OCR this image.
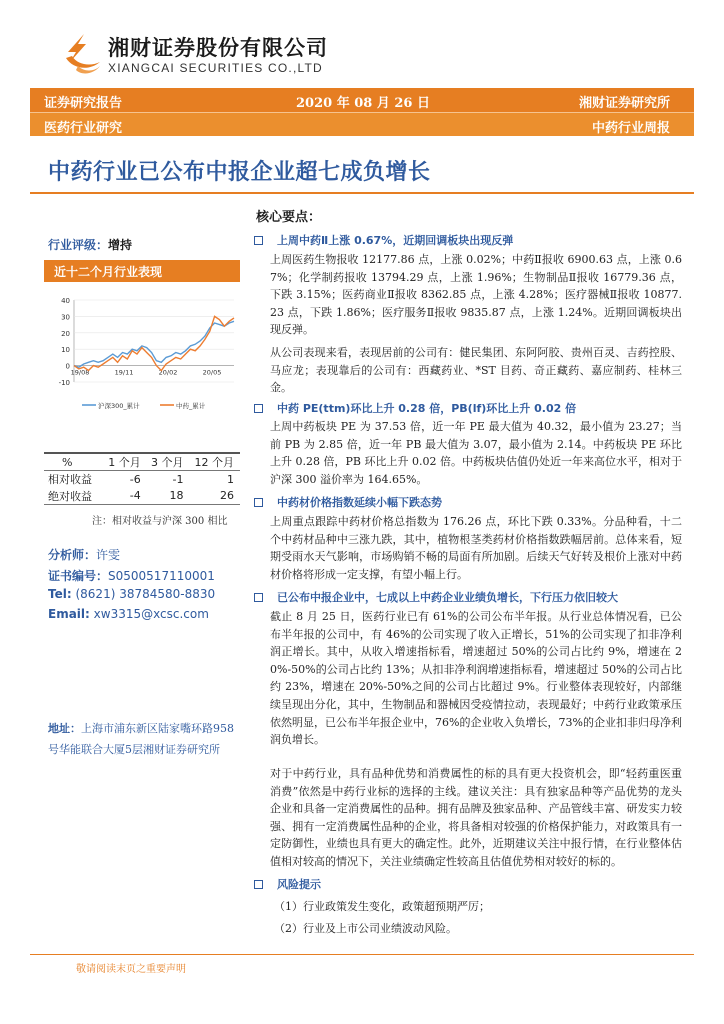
湘财证券股份有限公司
XIANGCAI SECURITIES CO.,LTD
证券研究报告	2020 年 08 月 26 日	湘财证券研究所
医药行业研究	中药行业周报
中药行业已公布中报企业超七成负增长
行业评级：增持
近十二个月行业表现
40
30
20
10
0
-10
19/08	19/11	20/02	20/05
沪深300_累计	中药_累计
%	1 个月	3 个月	12 个月
相对收益	-6	-1	1
绝对收益	-4	18	26
注：相对收益与沪深 300 相比
分析师：许雯
证书编号：S0500517110001
Tel: (8621) 38784580-8830
Email: xw3315@xcsc.com
地址：上海市浦东新区陆家嘴环路958号华能联合大厦5层湘财证券研究所
核心要点：
上周中药Ⅱ上涨 0.67%，近期回调板块出现反弹
上周医药生物报收 12177.86 点，上涨 0.02%；中药Ⅱ报收 6900.63 点，上涨 0.67%；化学制药报收 13794.29 点，上涨 1.96%；生物制品Ⅱ报收 16779.36 点，下跌 3.15%；医药商业Ⅱ报收 8362.85 点，上涨 4.28%；医疗器械Ⅱ报收 10877.23 点，下跌 1.86%；医疗服务Ⅱ报收 9835.87 点，上涨 1.24%。近期回调板块出现反弹。
从公司表现来看，表现居前的公司有：健民集团、东阿阿胶、贵州百灵、吉药控股、马应龙；表现靠后的公司有：西藏药业、*ST 目药、奇正藏药、嘉应制药、桂林三金。
中药 PE(ttm)环比上升 0.28 倍，PB(lf)环比上升 0.02 倍
上周中药板块 PE 为 37.53 倍，近一年 PE 最大值为 40.32，最小值为 23.27；当前 PB 为 2.85 倍，近一年 PB 最大值为 3.07，最小值为 2.14。中药板块 PE 环比上升 0.28 倍，PB 环比上升 0.02 倍。中药板块估值仍处近一年来高位水平，相对于沪深 300 溢价率为 164.65%。
中药材价格指数延续小幅下跌态势
上周重点跟踪中药材价格总指数为 176.26 点，环比下跌 0.33%。分品种看，十二个中药材品种中三涨九跌，其中，植物根茎类药材价格指数跌幅居前。总体来看，短期受雨水天气影响，市场购销不畅的局面有所加剧。后续天气好转及根价上涨对中药材价格将形成一定支撑，有望小幅上行。
已公布中报企业中，七成以上中药企业业绩负增长，下行压力依旧较大
截止 8 月 25 日，医药行业已有 61%的公司公布半年报。从行业总体情况看，已公布半年报的公司中，有 46%的公司实现了收入正增长，51%的公司实现了扣非净利润正增长。其中，从收入增速指标看，增速超过 50%的公司占比约 9%，增速在 20%-50%的公司占比约 13%；从扣非净利润增速指标看，增速超过 50%的公司占比约 23%，增速在 20%-50%之间的公司占比超过 9%。行业整体表现较好，内部继续呈现出分化，其中，生物制品和器械因受疫情拉动，表现最好；中药行业政策承压依然明显，已公布半年报企业中，76%的企业收入负增长，73%的企业扣非归母净利润负增长。
对于中药行业，具有品种优势和消费属性的标的具有更大投资机会，即“轻药重医重消费”依然是中药行业标的选择的主线。建议关注：具有独家品种等产品优势的龙头企业和具备一定消费属性的品种。拥有品牌及独家品种、产品管线丰富、研发实力较强、拥有一定消费属性品种的企业，将具备相对较强的价格保护能力，对政策具有一定防御性，业绩也具有更大的确定性。此外，近期建议关注中报行情，在行业整体估值相对较高的情况下，关注业绩确定性较高且估值优势相对较好的标的。
风险提示
（1）行业政策发生变化，政策超预期严厉；
（2）行业及上市公司业绩波动风险。
敬请阅读末页之重要声明
